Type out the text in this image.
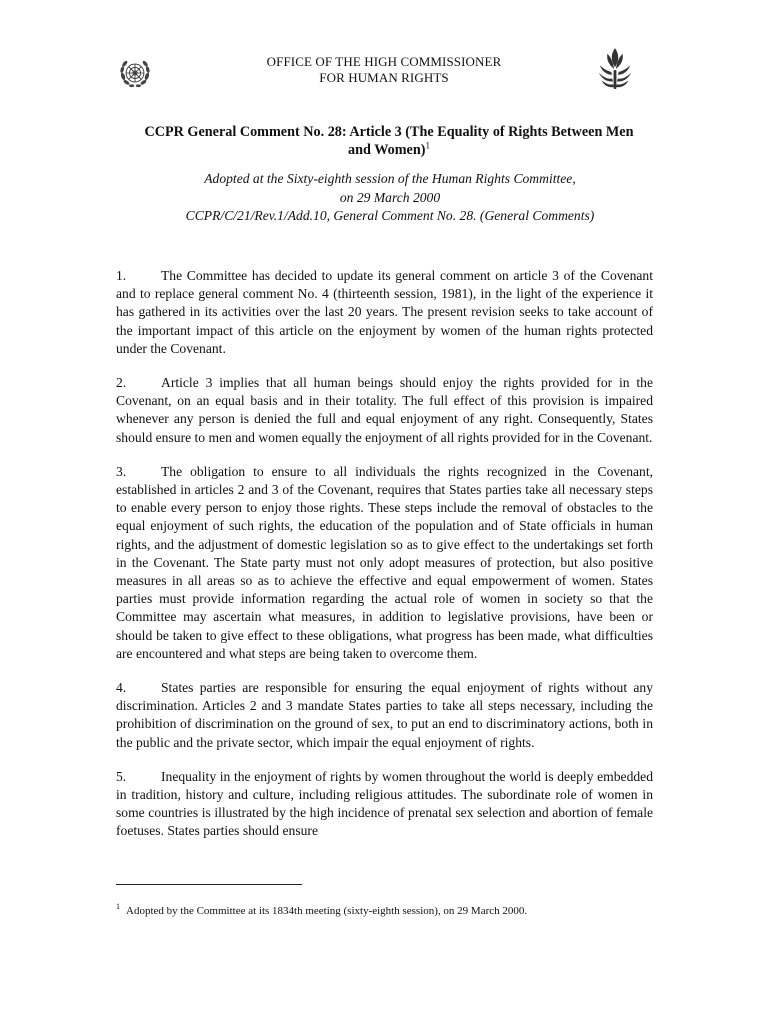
OFFICE OF THE HIGH COMMISSIONER
FOR HUMAN RIGHTS
CCPR General Comment No. 28: Article 3 (The Equality of Rights Between Men
and Women)$^1$
Adopted at the Sixty-eighth session of the Human Rights Committee,
on 29 March 2000
CCPR/C/21/Rev.1/Add.10, General Comment No. 28. (General Comments)

1.	The Committee has decided to update its general comment on article 3 of the Covenant and to replace general comment No. 4 (thirteenth session, 1981), in the light of the experience it has gathered in its activities over the last 20 years. The present revision seeks to take account of the important impact of this article on the enjoyment by women of the human rights protected under the Covenant.

2.	Article 3 implies that all human beings should enjoy the rights provided for in the Covenant, on an equal basis and in their totality. The full effect of this provision is impaired whenever any person is denied the full and equal enjoyment of any right. Consequently, States should ensure to men and women equally the enjoyment of all rights provided for in the Covenant.

3.	The obligation to ensure to all individuals the rights recognized in the Covenant, established in articles 2 and 3 of the Covenant, requires that States parties take all necessary steps to enable every person to enjoy those rights. These steps include the removal of obstacles to the equal enjoyment of such rights, the education of the population and of State officials in human rights, and the adjustment of domestic legislation so as to give effect to the undertakings set forth in the Covenant. The State party must not only adopt measures of protection, but also positive measures in all areas so as to achieve the effective and equal empowerment of women. States parties must provide information regarding the actual role of women in society so that the Committee may ascertain what measures, in addition to legislative provisions, have been or should be taken to give effect to these obligations, what progress has been made, what difficulties are encountered and what steps are being taken to overcome them.

4.	States parties are responsible for ensuring the equal enjoyment of rights without any discrimination. Articles 2 and 3 mandate States parties to take all steps necessary, including the prohibition of discrimination on the ground of sex, to put an end to discriminatory actions, both in the public and the private sector, which impair the equal enjoyment of rights.

5.	Inequality in the enjoyment of rights by women throughout the world is deeply embedded in tradition, history and culture, including religious attitudes. The subordinate role of women in some countries is illustrated by the high incidence of prenatal sex selection and abortion of female foetuses. States parties should ensure

$^1$ Adopted by the Committee at its 1834th meeting (sixty-eighth session), on 29 March 2000.
